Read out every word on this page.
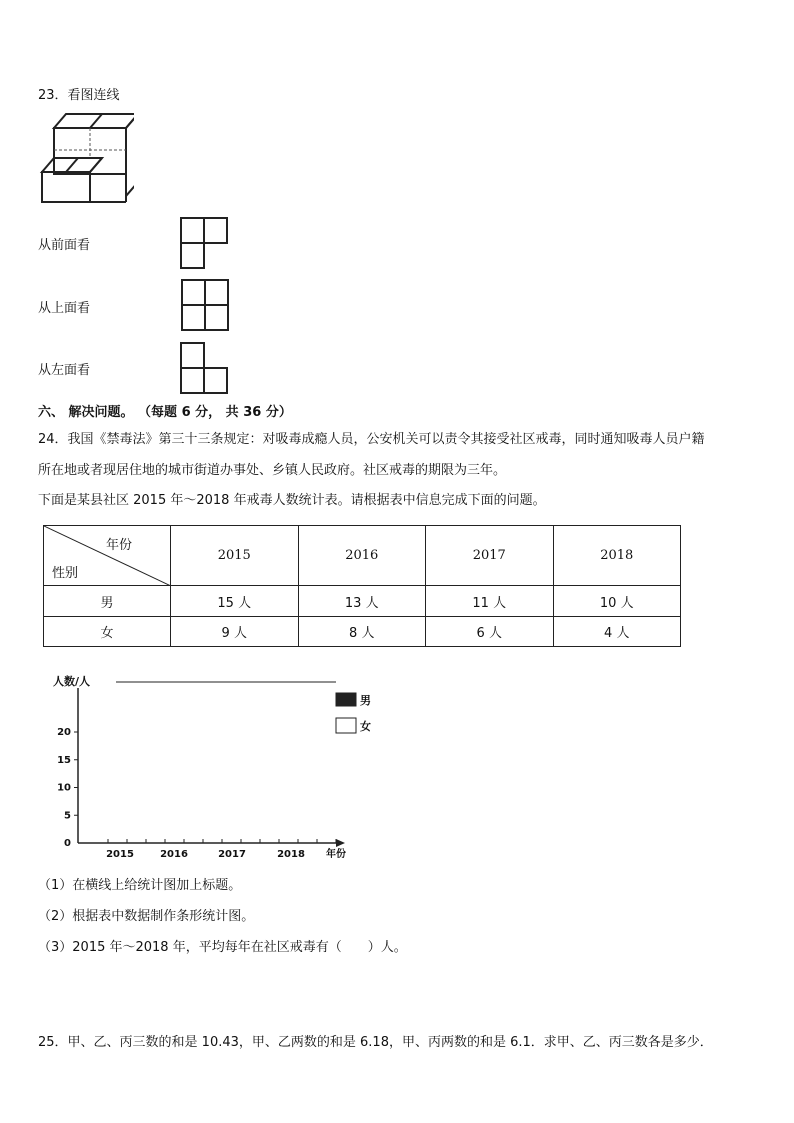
23．看图连线
从前面看
从上面看
从左面看
六、 解决问题。 （每题 6 分， 共 36 分）
24．我国《禁毒法》第三十三条规定：对吸毒成瘾人员，公安机关可以责令其接受社区戒毒，同时通知吸毒人员户籍
所在地或者现居住地的城市街道办事处、乡镇人民政府。社区戒毒的期限为三年。
下面是某县社区 2015 年～2018 年戒毒人数统计表。请根据表中信息完成下面的问题。
年份
性别	2015	2016	2017	2018
男	15 人	13 人	11 人	10 人
女	9 人	8 人	6 人	4 人
人数/人
年份
0
5
10
15
20
2015	2016	2017	2018
男
女
（1）在横线上给统计图加上标题。
（2）根据表中数据制作条形统计图。
（3）2015 年～2018 年，平均每年在社区戒毒有（　　）人。
25．甲、乙、丙三数的和是 10.43，甲、乙两数的和是 6.18，甲、丙两数的和是 6.1．求甲、乙、丙三数各是多少．
